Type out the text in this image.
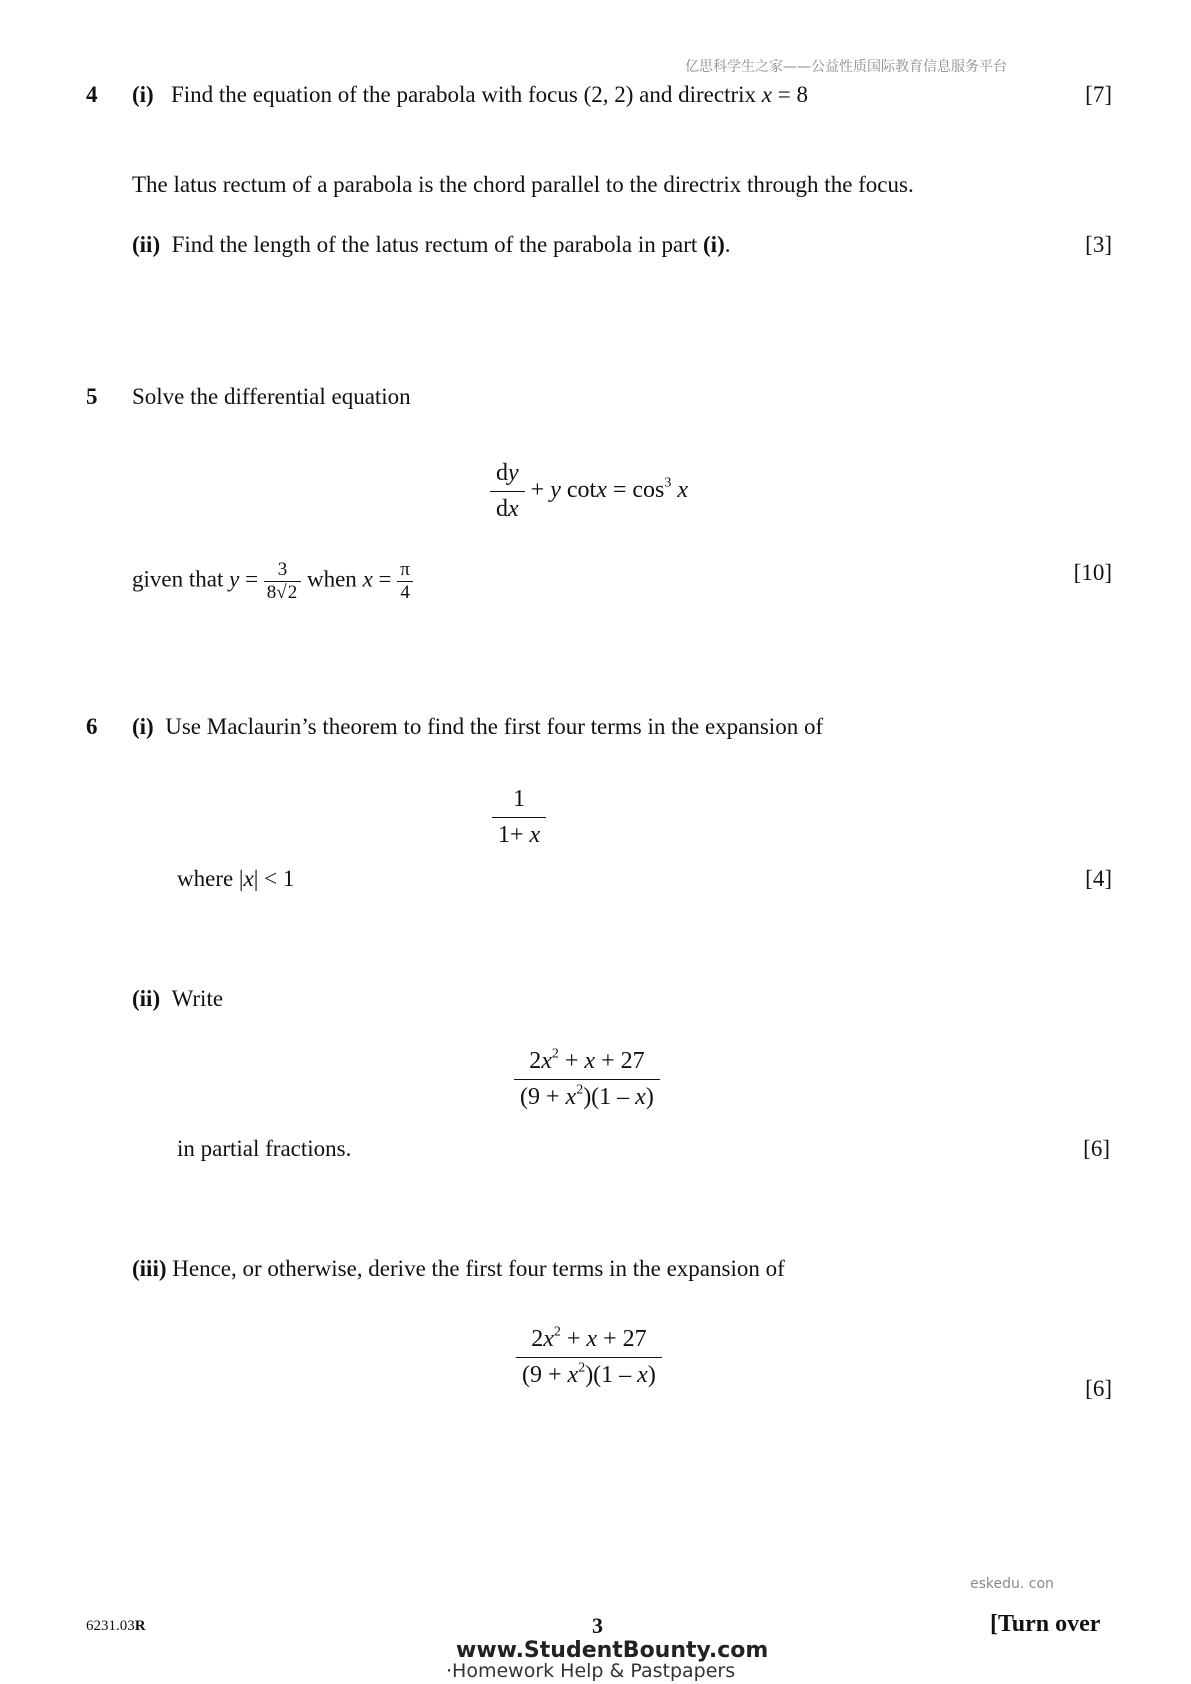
亿思科学生之家——公益性质国际教育信息服务平台
4 (i) Find the equation of the parabola with focus (2, 2) and directrix x = 8	[7]
The latus rectum of a parabola is the chord parallel to the directrix through the focus.
(ii) Find the length of the latus rectum of the parabola in part (i).	[3]
5 Solve the differential equation
$\frac{dy}{dx} + y$ $\cot x = \cos^3 x$
given that $y = \frac{3}{8√2}$ when $x = \frac{\pi}{4}$	[10]
6 (i) Use Maclaurin’s theorem to find the first four terms in the expansion of
$\frac{1}{1+ x}$
where |x| < 1	[4]
(ii) Write
$\frac{2x^2 + x + 27}{(9 + x^2)(1 - x)}$
in partial fractions.	[6]
(iii) Hence, or otherwise, derive the first four terms in the expansion of
$\frac{2x^2 + x + 27}{(9 + x^2)(1 - x)}$	[6]
eskedu. con
6231.03R	3	[Turn over
www.StudentBounty.com
·Homework Help & Pastpapers
